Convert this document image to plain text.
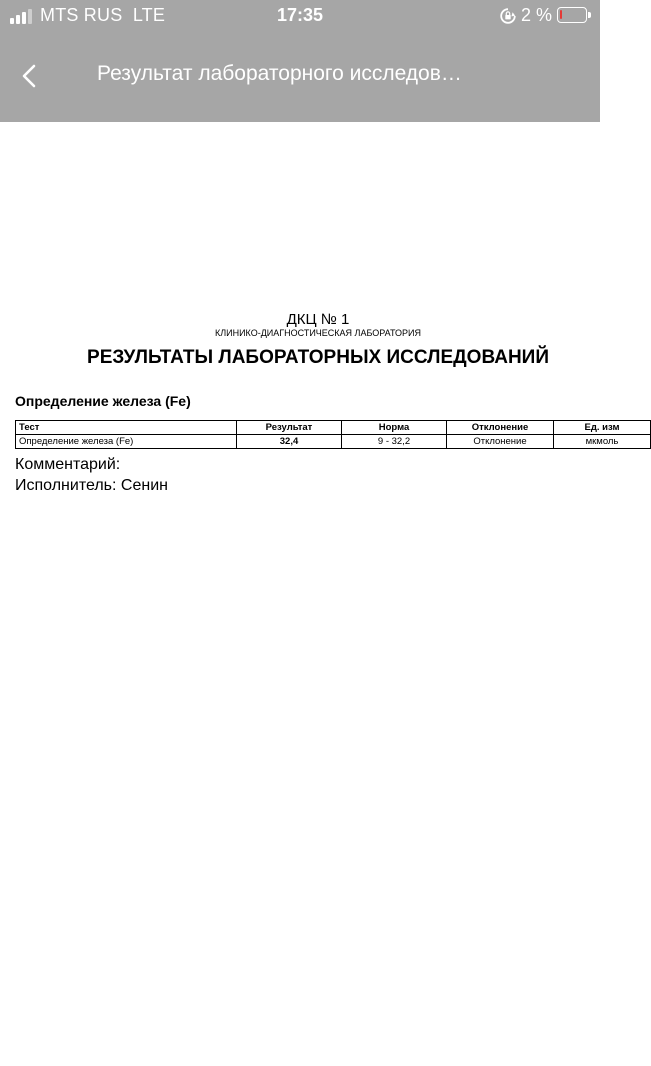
MTS RUS LTE	17:35	2 %
Результат лабораторного исследов…
ДКЦ № 1
КЛИНИКО-ДИАГНОСТИЧЕСКАЯ ЛАБОРАТОРИЯ
РЕЗУЛЬТАТЫ ЛАБОРАТОРНЫХ ИССЛЕДОВАНИЙ
Определение железа (Fe)
Тест	Результат	Норма	Отклонение	Ед. изм
Определение железа (Fe)	32,4	9 - 32,2	Отклонение	мкмоль
Комментарий:
Исполнитель: Сенин
